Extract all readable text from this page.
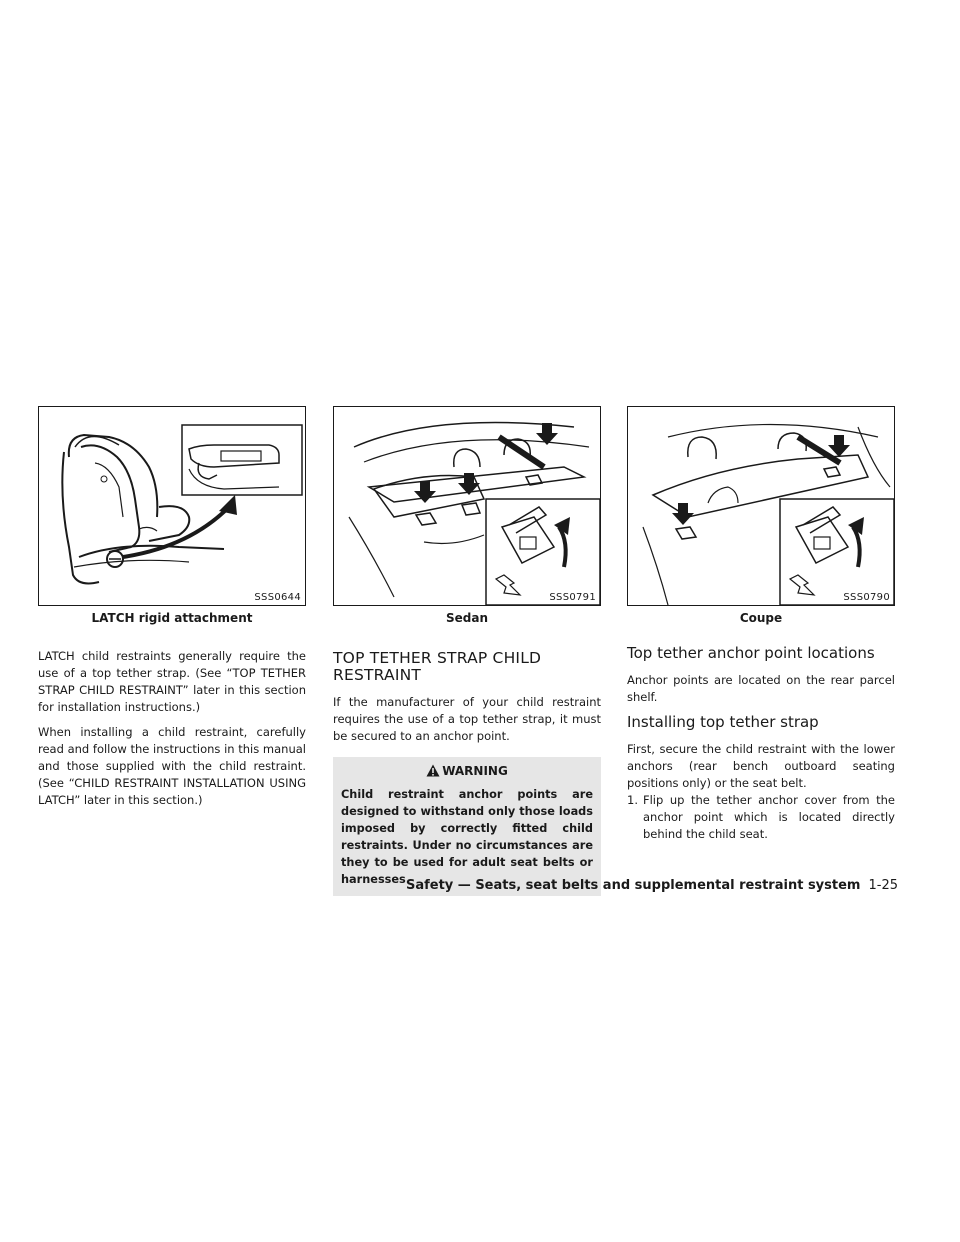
SSS0644
LATCH rigid attachment
SSS0791
Sedan
SSS0790
Coupe

LATCH child restraints generally require the use of a top tether strap. (See “TOP TETHER STRAP CHILD RESTRAINT” later in this section for installation instructions.)

When installing a child restraint, carefully read and follow the instructions in this manual and those supplied with the child restraint. (See “CHILD RESTRAINT INSTALLATION USING LATCH” later in this section.)

TOP TETHER STRAP CHILD RESTRAINT

If the manufacturer of your child restraint requires the use of a top tether strap, it must be secured to an anchor point.

WARNING
Child restraint anchor points are designed to withstand only those loads imposed by correctly fitted child restraints. Under no circumstances are they to be used for adult seat belts or harnesses.
Top tether anchor point locations

Anchor points are located on the rear parcel shelf.

Installing top tether strap

First, secure the child restraint with the lower anchors (rear bench outboard seating positions only) or the seat belt.

1. Flip up the tether anchor cover from the anchor point which is located directly behind the child seat.
Safety — Seats, seat belts and supplemental restraint system 1-25
